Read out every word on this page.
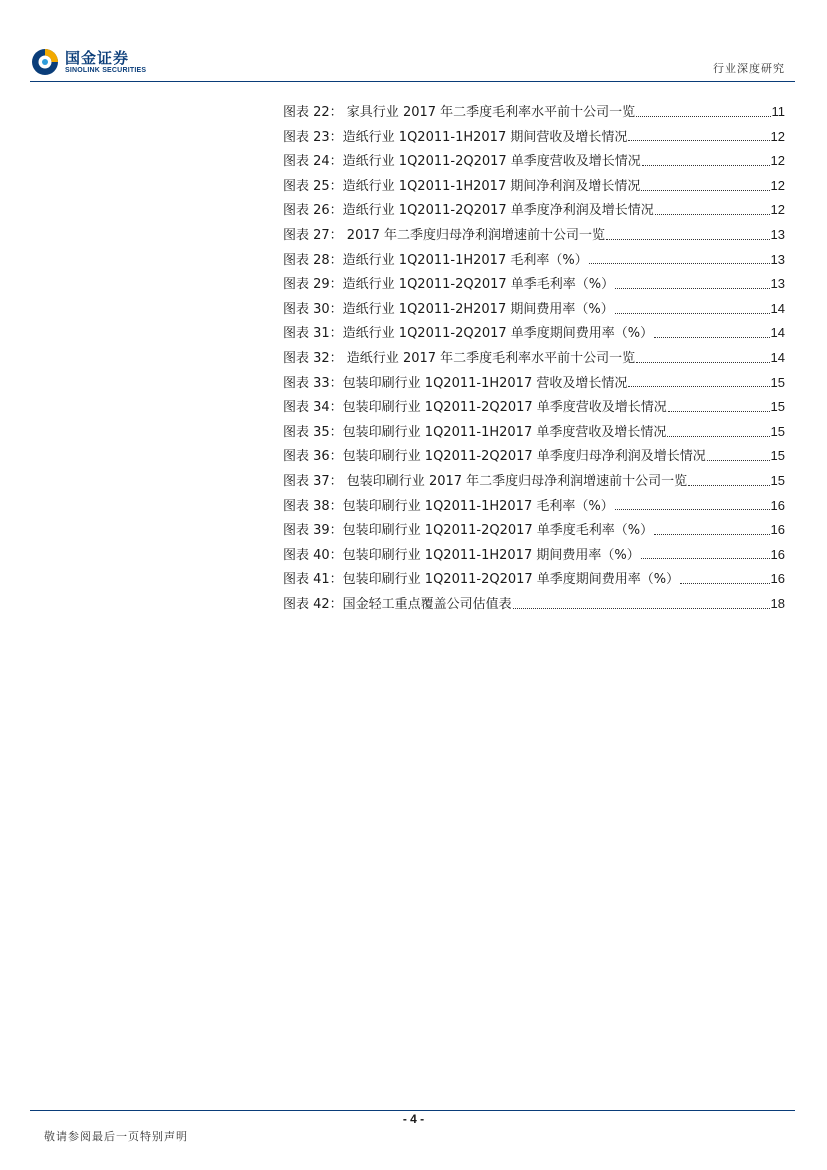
国金证券
SINOLINK SECURITIES	行业深度研究
图表 22： 家具行业 2017 年二季度毛利率水平前十公司一览	11
图表 23：造纸行业 1Q2011-1H2017 期间营收及增长情况	12
图表 24：造纸行业 1Q2011-2Q2017 单季度营收及增长情况	12
图表 25：造纸行业 1Q2011-1H2017 期间净利润及增长情况	12
图表 26：造纸行业 1Q2011-2Q2017 单季度净利润及增长情况	12
图表 27： 2017 年二季度归母净利润增速前十公司一览	13
图表 28：造纸行业 1Q2011-1H2017 毛利率（%）	13
图表 29：造纸行业 1Q2011-2Q2017 单季毛利率（%）	13
图表 30：造纸行业 1Q2011-2H2017 期间费用率（%）	14
图表 31：造纸行业 1Q2011-2Q2017 单季度期间费用率（%）	14
图表 32： 造纸行业 2017 年二季度毛利率水平前十公司一览	14
图表 33：包装印刷行业 1Q2011-1H2017 营收及增长情况	15
图表 34：包装印刷行业 1Q2011-2Q2017 单季度营收及增长情况	15
图表 35：包装印刷行业 1Q2011-1H2017 单季度营收及增长情况	15
图表 36：包装印刷行业 1Q2011-2Q2017 单季度归母净利润及增长情况	15
图表 37： 包装印刷行业 2017 年二季度归母净利润增速前十公司一览	15
图表 38：包装印刷行业 1Q2011-1H2017 毛利率（%）	16
图表 39：包装印刷行业 1Q2011-2Q2017 单季度毛利率（%）	16
图表 40：包装印刷行业 1Q2011-1H2017 期间费用率（%）	16
图表 41：包装印刷行业 1Q2011-2Q2017 单季度期间费用率（%）	16
图表 42：国金轻工重点覆盖公司估值表	18
- 4 -
敬请参阅最后一页特别声明
